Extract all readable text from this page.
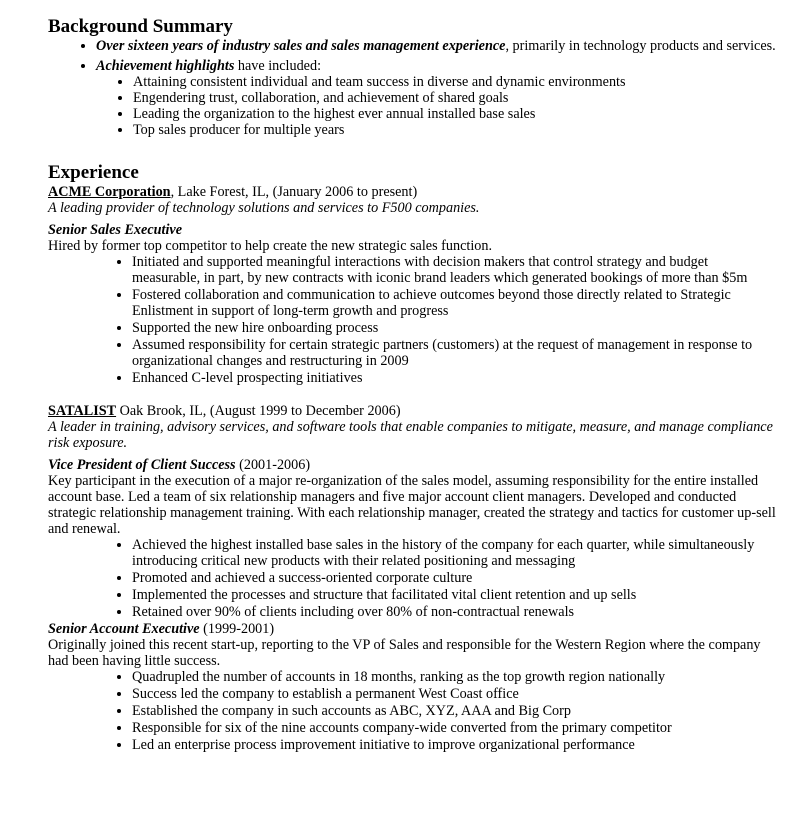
Background Summary
• Over sixteen years of industry sales and sales management experience, primarily in technology products and services.
• Achievement highlights have included:
• Attaining consistent individual and team success in diverse and dynamic environments
• Engendering trust, collaboration, and achievement of shared goals
• Leading the organization to the highest ever annual installed base sales
• Top sales producer for multiple years
Experience

ACME Corporation, Lake Forest, IL, (January 2006 to present)

A leading provider of technology solutions and services to F500 companies.

Senior Sales Executive

Hired by former top competitor to help create the new strategic sales function.

• Initiated and supported meaningful interactions with decision makers that control strategy and budget measurable, in part, by new contracts with iconic brand leaders which generated bookings of more than $5m
• Fostered collaboration and communication to achieve outcomes beyond those directly related to Strategic Enlistment in support of long-term growth and progress
• Supported the new hire onboarding process
• Assumed responsibility for certain strategic partners (customers) at the request of management in response to organizational changes and restructuring in 2009
• Enhanced C-level prospecting initiatives

SATALIST Oak Brook, IL, (August 1999 to December 2006)

A leader in training, advisory services, and software tools that enable companies to mitigate, measure, and manage compliance risk exposure.

Vice President of Client Success (2001-2006)

Key participant in the execution of a major re-organization of the sales model, assuming responsibility for the entire installed account base. Led a team of six relationship managers and five major account client managers. Developed and conducted strategic relationship management training. With each relationship manager, created the strategy and tactics for customer up-sell and renewal.

• Achieved the highest installed base sales in the history of the company for each quarter, while simultaneously introducing critical new products with their related positioning and messaging
• Promoted and achieved a success-oriented corporate culture
• Implemented the processes and structure that facilitated vital client retention and up sells
• Retained over 90% of clients including over 80% of non-contractual renewals

Senior Account Executive (1999-2001)

Originally joined this recent start-up, reporting to the VP of Sales and responsible for the Western Region where the company had been having little success.

• Quadrupled the number of accounts in 18 months, ranking as the top growth region nationally
• Success led the company to establish a permanent West Coast office
• Established the company in such accounts as ABC, XYZ, AAA and Big Corp
• Responsible for six of the nine accounts company-wide converted from the primary competitor
• Led an enterprise process improvement initiative to improve organizational performance
